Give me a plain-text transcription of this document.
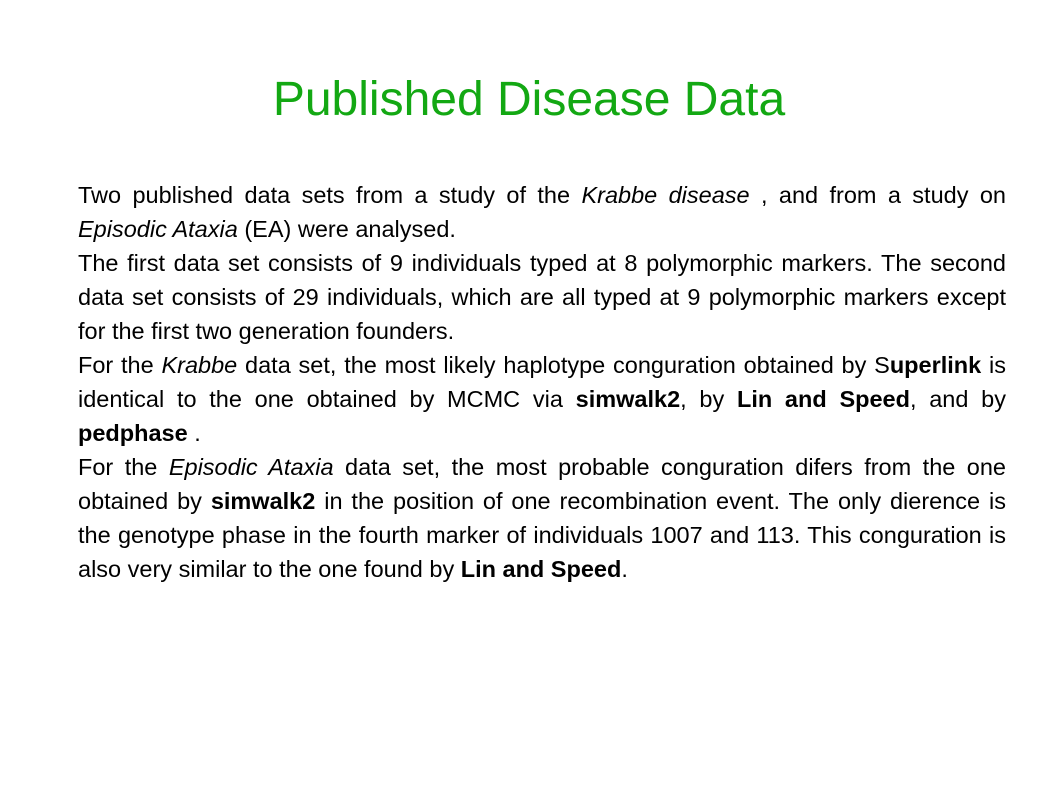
Published Disease Data

Two published data sets from a study of the Krabbe disease , and from a study on Episodic Ataxia (EA) were analysed.

The first data set consists of 9 individuals typed at 8 polymorphic markers. The second data set consists of 29 individuals, which are all typed at 9 polymorphic markers except for the first two generation founders.

For the Krabbe data set, the most likely haplotype conguration obtained by Superlink is identical to the one obtained by MCMC via simwalk2, by Lin and Speed, and by pedphase .

For the Episodic Ataxia data set, the most probable conguration difers from the one obtained by simwalk2 in the position of one recombination event. The only dierence is the genotype phase in the fourth marker of individuals 1007 and 113. This conguration is also very similar to the one found by Lin and Speed.
